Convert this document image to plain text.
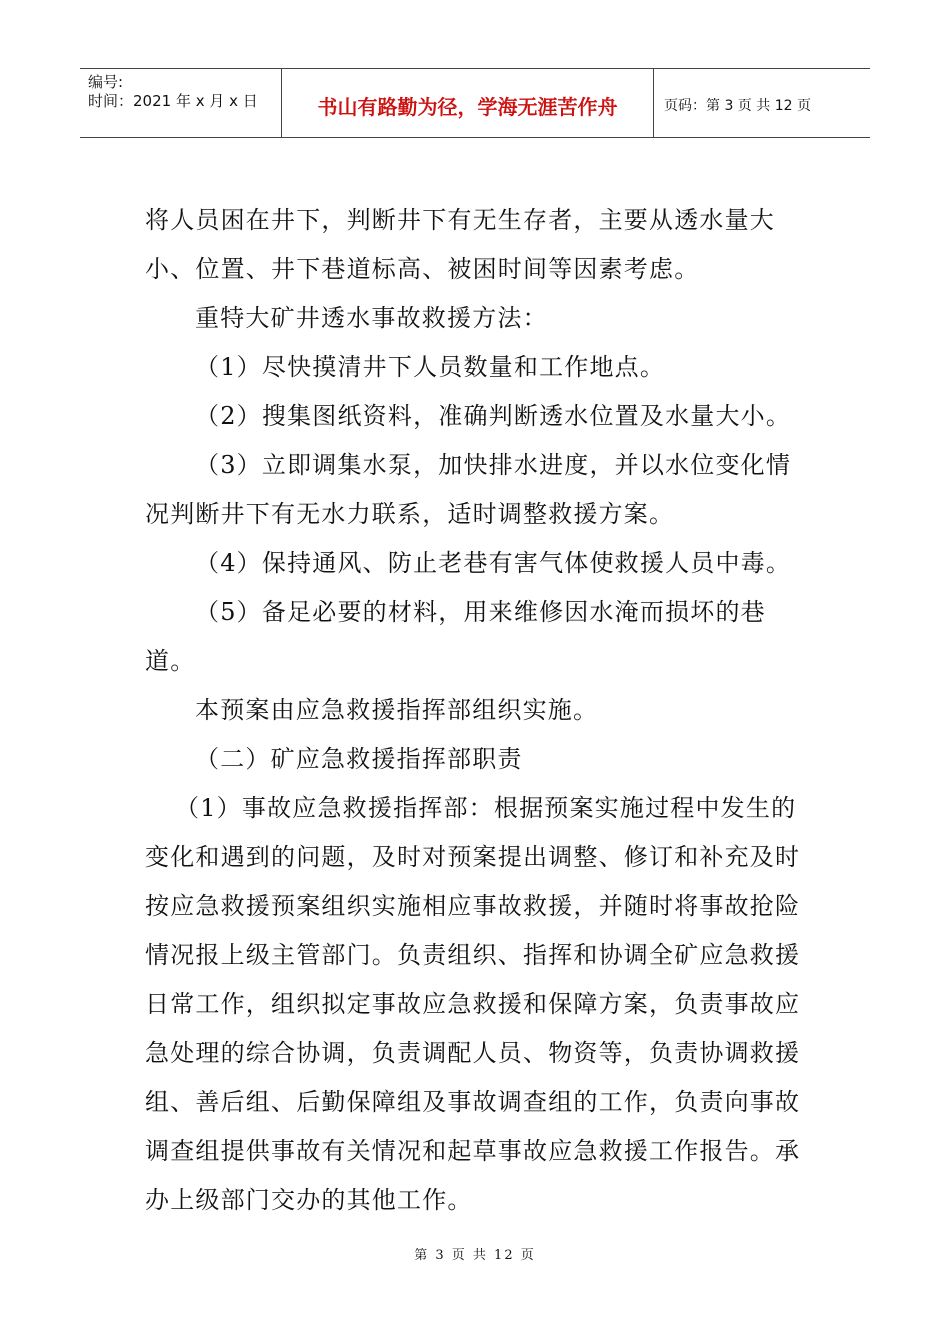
编号:
时间：2021 年 x 月 x 日	书山有路勤为径，学海无涯苦作舟	页码：第 3 页 共 12 页

将人员困在井下，判断井下有无生存者，主要从透水量大小、位置、井下巷道标高、被困时间等因素考虑。

重特大矿井透水事故救援方法：

（1）尽快摸清井下人员数量和工作地点。

（2）搜集图纸资料，准确判断透水位置及水量大小。

（3）立即调集水泵，加快排水进度，并以水位变化情况判断井下有无水力联系，适时调整救援方案。

（4）保持通风、防止老巷有害气体使救援人员中毒。

（5）备足必要的材料，用来维修因水淹而损坏的巷道。

本预案由应急救援指挥部组织实施。

（二）矿应急救援指挥部职责

（1）事故应急救援指挥部：根据预案实施过程中发生的变化和遇到的问题，及时对预案提出调整、修订和补充及时按应急救援预案组织实施相应事故救援，并随时将事故抢险情况报上级主管部门。负责组织、指挥和协调全矿应急救援日常工作，组织拟定事故应急救援和保障方案，负责事故应急处理的综合协调，负责调配人员、物资等，负责协调救援组、善后组、后勤保障组及事故调查组的工作，负责向事故调查组提供事故有关情况和起草事故应急救援工作报告。承办上级部门交办的其他工作。

第 3 页 共 12 页
